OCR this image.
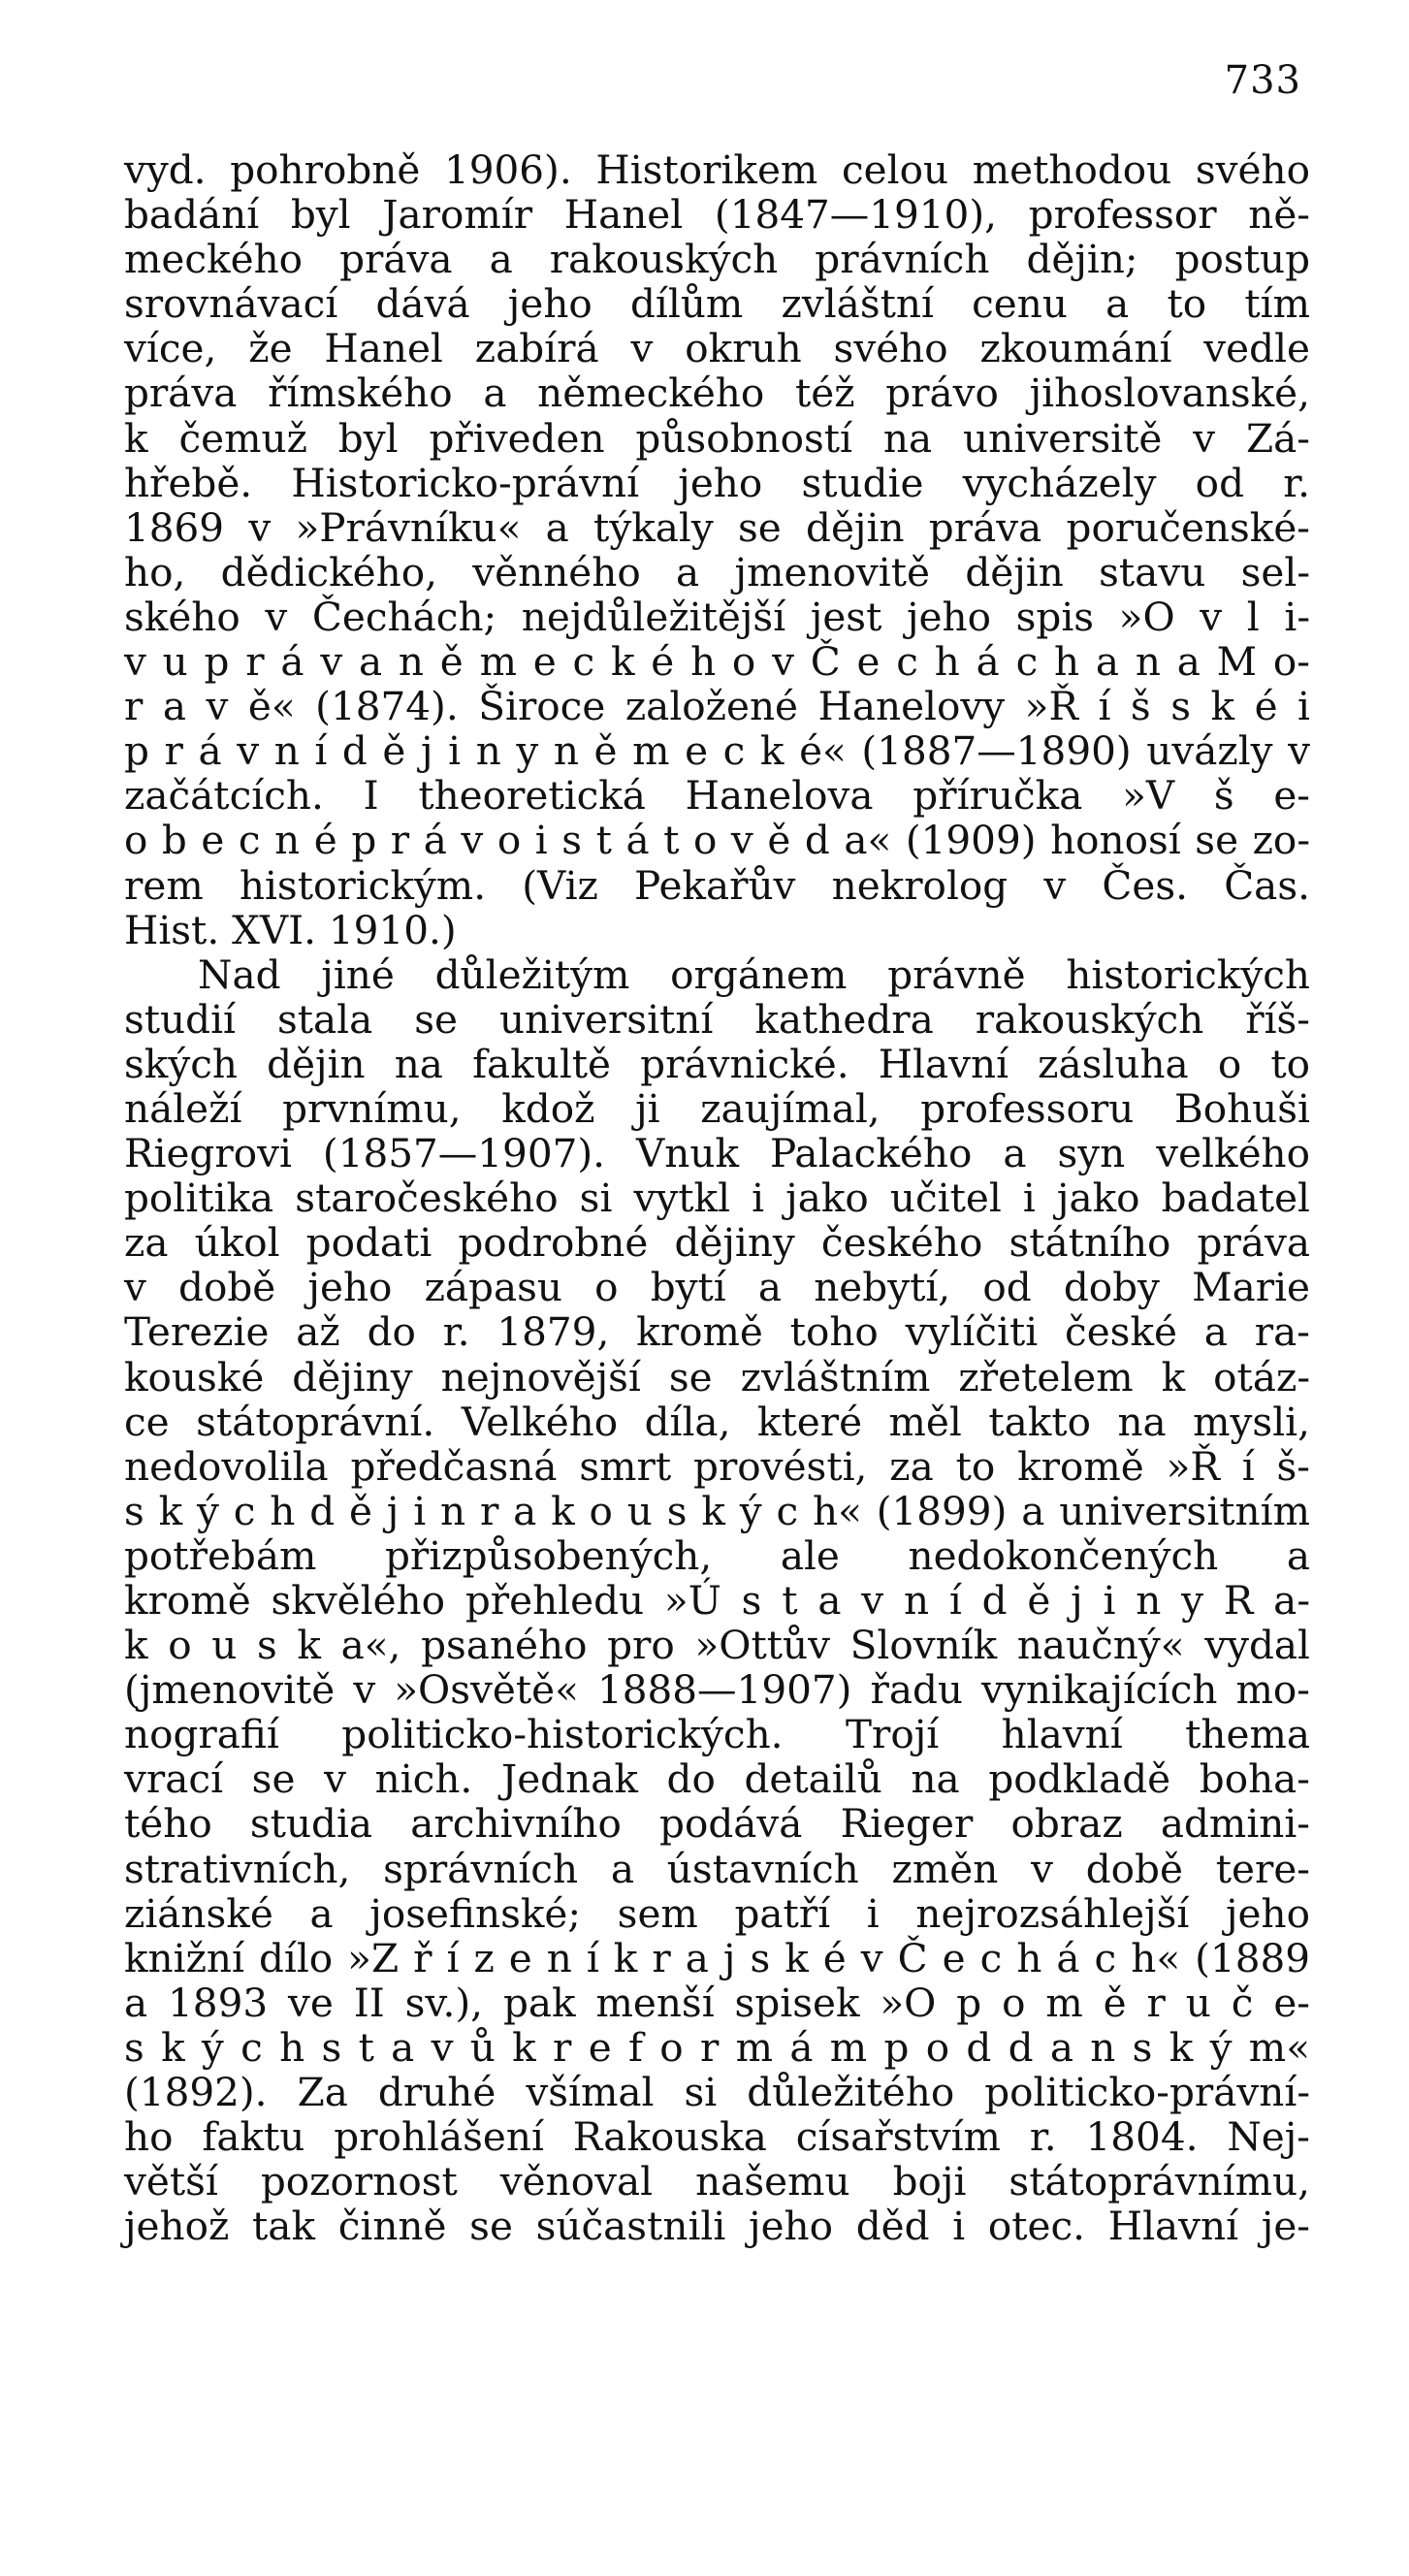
733
vyd. pohrobně 1906). Historikem celou methodou svého
badání byl Jaromír Hanel (1847—1910), professor ně-
meckého práva a rakouských právních dějin; postup
srovnávací dává jeho dílům zvláštní cenu a to tím
více, že Hanel zabírá v okruh svého zkoumání vedle
práva římského a německého též právo jihoslovanské,
k čemuž byl přiveden působností na universitě v Zá-
hřebě. Historicko-právní jeho studie vycházely od r.
1869 v »Právníku« a týkaly se dějin práva poručenské-
ho, dědického, věnného a jmenovitě dějin stavu sel-
ského v Čechách; nejdůležitější jest jeho spis »O v l i-
v u p r á v a n ě m e c k é h o v Č e c h á c h a n a M o-
r a v ě« (1874). Široce založené Hanelovy »Ř í š s k é i
p r á v n í d ě j i n y n ě m e c k é« (1887—1890) uvázly v
začátcích. I theoretická Hanelova příručka »V š e-
o b e c n é p r á v o i s t á t o v ě d a« (1909) honosí se zo-
rem historickým. (Viz Pekařův nekrolog v Čes. Čas.
Hist. XVI. 1910.)
Nad jiné důležitým orgánem právně historických
studií stala se universitní kathedra rakouských říš-
ských dějin na fakultě právnické. Hlavní zásluha o to
náleží prvnímu, kdož ji zaujímal, professoru Bohuši
Riegrovi (1857—1907). Vnuk Palackého a syn velkého
politika staročeského si vytkl i jako učitel i jako badatel
za úkol podati podrobné dějiny českého státního práva
v době jeho zápasu o bytí a nebytí, od doby Marie
Terezie až do r. 1879, kromě toho vylíčiti české a ra-
kouské dějiny nejnovější se zvláštním zřetelem k otáz-
ce státoprávní. Velkého díla, které měl takto na mysli,
nedovolila předčasná smrt provésti, za to kromě »Ř í š-
s k ý c h d ě j i n r a k o u s k ý c h« (1899) a universitním
potřebám přizpůsobených, ale nedokončených a
kromě skvělého přehledu »Ú s t a v n í d ě j i n y R a-
k o u s k a«, psaného pro »Ottův Slovník naučný« vydal
(jmenovitě v »Osvětě« 1888—1907) řadu vynikajících mo-
nografií politicko-historických. Trojí hlavní thema
vrací se v nich. Jednak do detailů na podkladě boha-
tého studia archivního podává Rieger obraz admini-
strativních, správních a ústavních změn v době tere-
ziánské a josefinské; sem patří i nejrozsáhlejší jeho
knižní dílo »Z ř í z e n í k r a j s k é v Č e c h á c h« (1889
a 1893 ve II sv.), pak menší spisek »O p o m ě r u č e-
s k ý c h s t a v ů k r e f o r m á m p o d d a n s k ý m«
(1892). Za druhé všímal si důležitého politicko-právní-
ho faktu prohlášení Rakouska císařstvím r. 1804. Nej-
větší pozornost věnoval našemu boji státoprávnímu,
jehož tak činně se súčastnili jeho děd i otec. Hlavní je-
